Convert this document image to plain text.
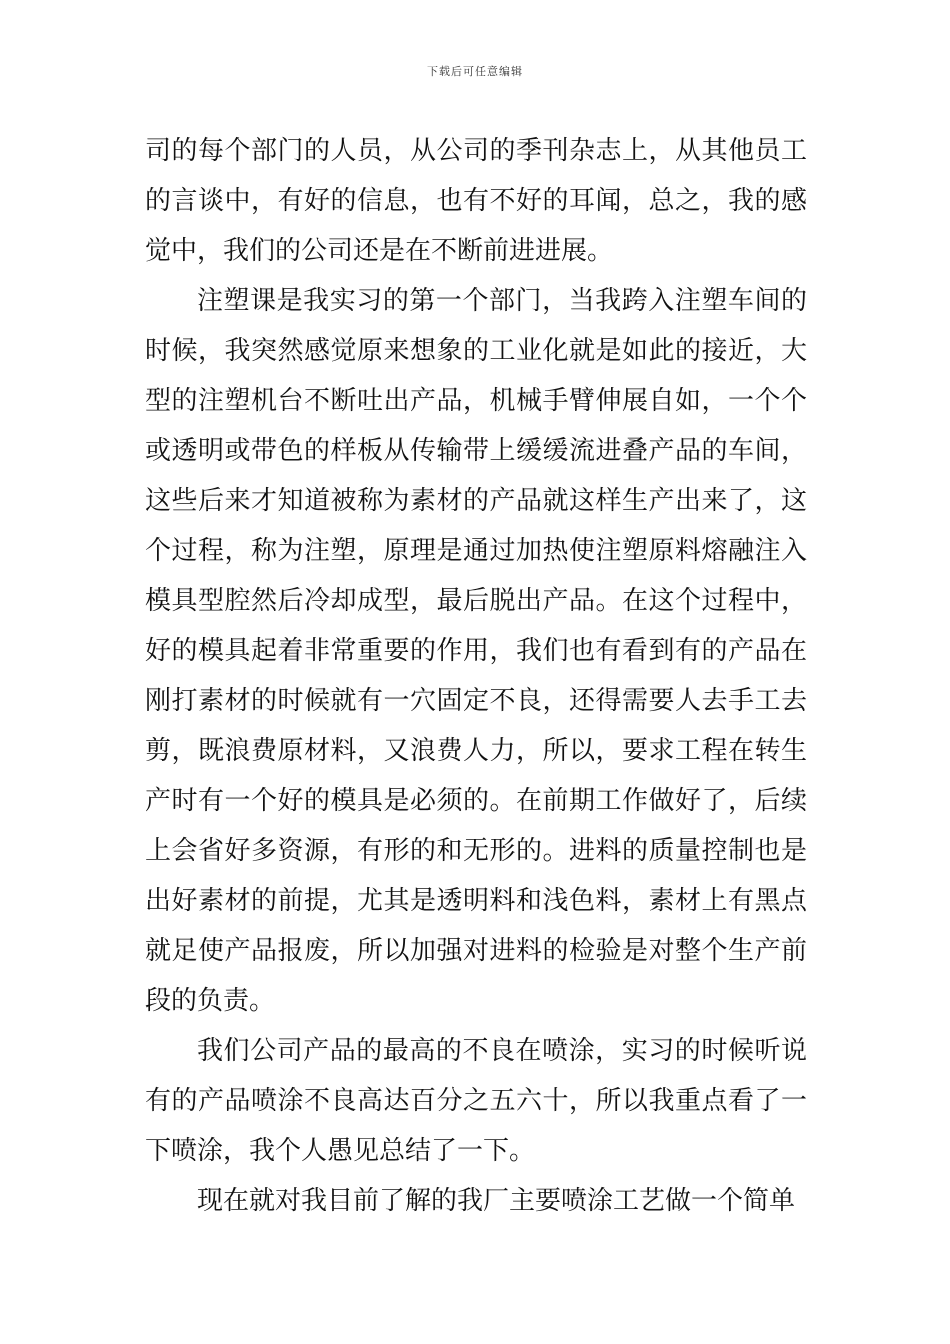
下载后可任意编辑

司的每个部门的人员，从公司的季刊杂志上，从其他员工的言谈中，有好的信息，也有不好的耳闻，总之，我的感觉中，我们的公司还是在不断前进进展。

注塑课是我实习的第一个部门，当我跨入注塑车间的时候，我突然感觉原来想象的工业化就是如此的接近，大型的注塑机台不断吐出产品，机械手臂伸展自如，一个个或透明或带色的样板从传输带上缓缓流进叠产品的车间，这些后来才知道被称为素材的产品就这样生产出来了，这个过程，称为注塑，原理是通过加热使注塑原料熔融注入模具型腔然后冷却成型，最后脱出产品。在这个过程中，好的模具起着非常重要的作用，我们也有看到有的产品在刚打素材的时候就有一穴固定不良，还得需要人去手工去剪，既浪费原材料，又浪费人力，所以，要求工程在转生产时有一个好的模具是必须的。在前期工作做好了，后续上会省好多资源，有形的和无形的。进料的质量控制也是出好素材的前提，尤其是透明料和浅色料，素材上有黑点就足使产品报废，所以加强对进料的检验是对整个生产前段的负责。

我们公司产品的最高的不良在喷涂，实习的时候听说有的产品喷涂不良高达百分之五六十，所以我重点看了一下喷涂，我个人愚见总结了一下。

现在就对我目前了解的我厂主要喷涂工艺做一个简单
